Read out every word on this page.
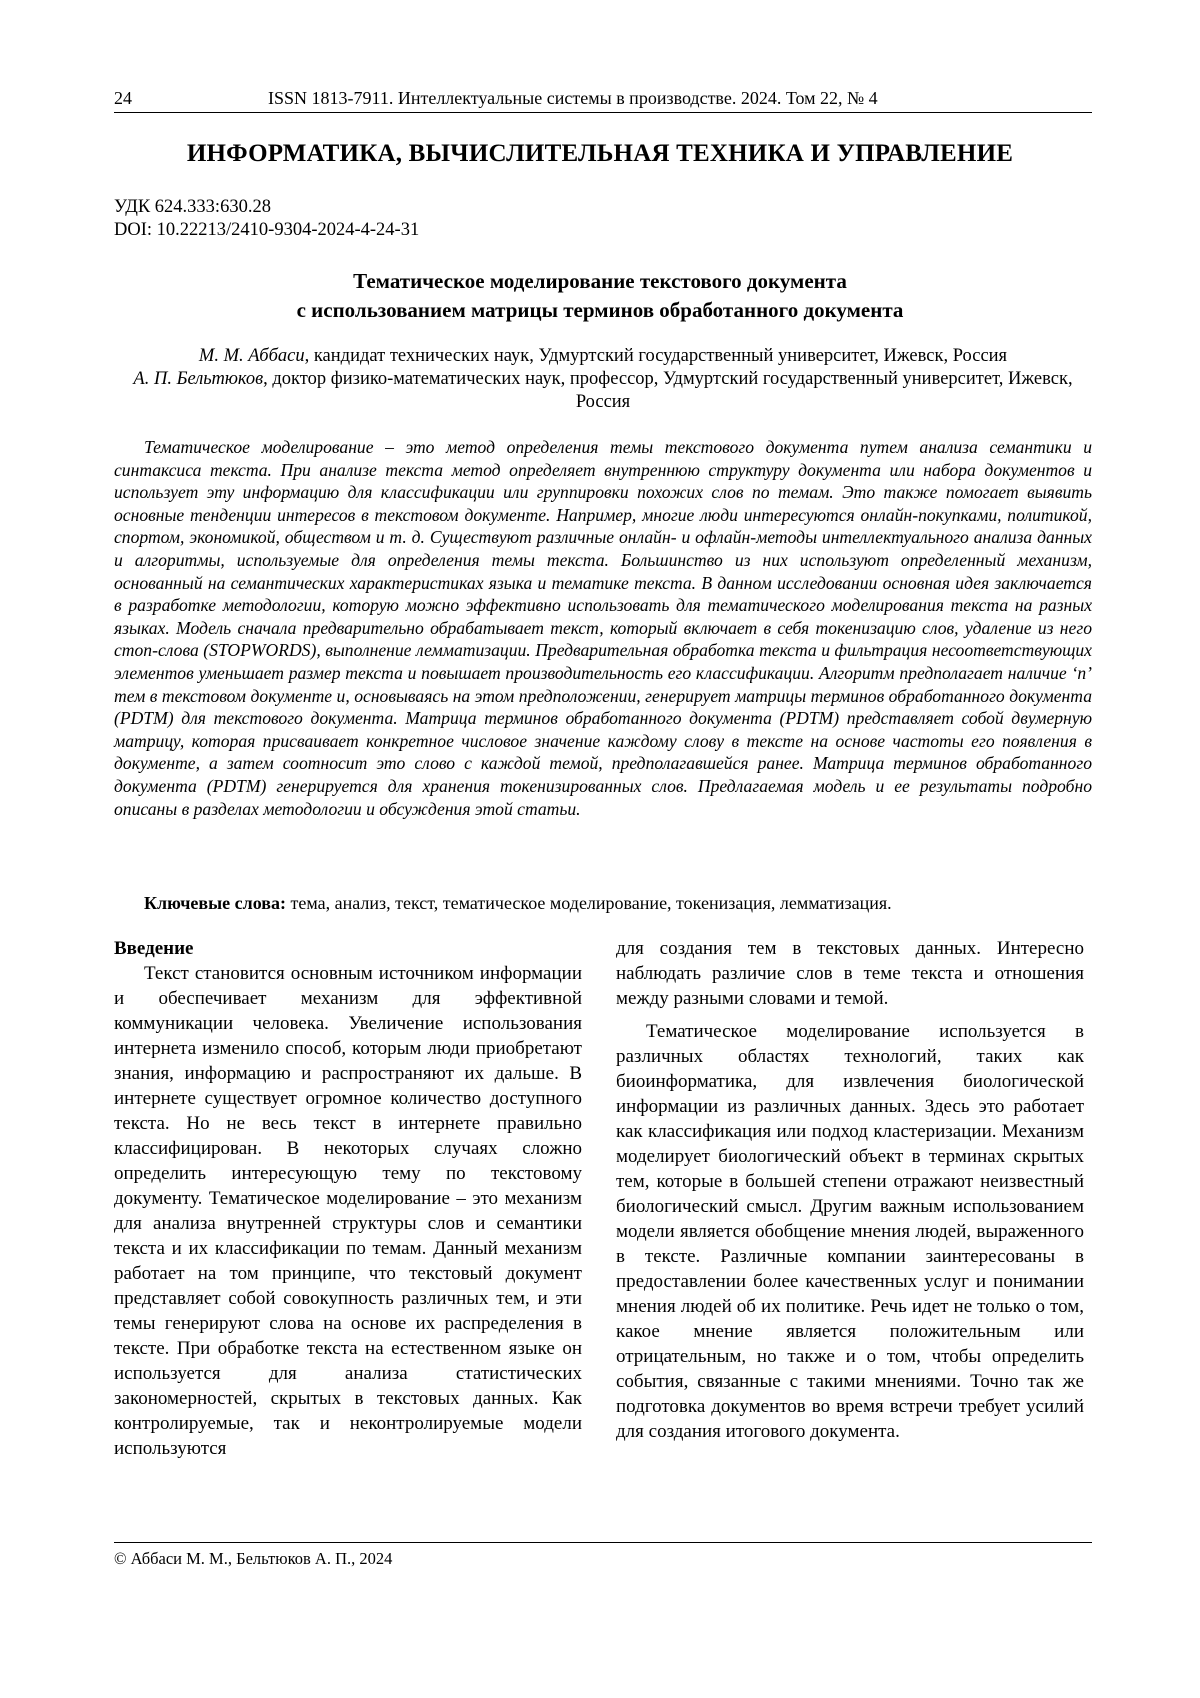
24	ISSN 1813-7911. Интеллектуальные системы в производстве. 2024. Том 22, № 4
ИНФОРМАТИКА, ВЫЧИСЛИТЕЛЬНАЯ ТЕХНИКА И УПРАВЛЕНИЕ
УДК 624.333:630.28
DOI: 10.22213/2410-9304-2024-4-24-31
Тематическое моделирование текстового документа
с использованием матрицы терминов обработанного документа
М. М. Аббаси, кандидат технических наук, Удмуртский государственный университет, Ижевск, Россия
А. П. Бельтюков, доктор физико-математических наук, профессор, Удмуртский государственный университет, Ижевск, Россия
Тематическое моделирование – это метод определения темы текстового документа путем анализа семантики и синтаксиса текста. При анализе текста метод определяет внутреннюю структуру документа или набора документов и использует эту информацию для классификации или группировки похожих слов по темам. Это также помогает выявить основные тенденции интересов в текстовом документе. Например, многие люди интересуются онлайн-покупками, политикой, спортом, экономикой, обществом и т. д. Существуют различные онлайн- и офлайн-методы интеллектуального анализа данных и алгоритмы, используемые для определения темы текста. Большинство из них используют определенный механизм, основанный на семантических характеристиках языка и тематике текста. В данном исследовании основная идея заключается в разработке методологии, которую можно эффективно использовать для тематического моделирования текста на разных языках. Модель сначала предварительно обрабатывает текст, который включает в себя токенизацию слов, удаление из него стоп-слова (STOPWORDS), выполнение лемматизации. Предварительная обработка текста и фильтрация несоответствующих элементов уменьшает размер текста и повышает производительность его классификации. Алгоритм предполагает наличие ‘n’ тем в текстовом документе и, основываясь на этом предположении, генерирует матрицы терминов обработанного документа (PDTM) для текстового документа. Матрица терминов обработанного документа (PDTM) представляет собой двумерную матрицу, которая присваивает конкретное числовое значение каждому слову в тексте на основе частоты его появления в документе, а затем соотносит это слово с каждой темой, предполагавшейся ранее. Матрица терминов обработанного документа (PDTM) генерируется для хранения токенизированных слов. Предлагаемая модель и ее результаты подробно описаны в разделах методологии и обсуждения этой статьи.
Ключевые слова: тема, анализ, текст, тематическое моделирование, токенизация, лемматизация.

Введение

Текст становится основным источником информации и обеспечивает механизм для эффективной коммуникации человека. Увеличение использования интернета изменило способ, которым люди приобретают знания, информацию и распространяют их дальше. В интернете существует огромное количество доступного текста. Но не весь текст в интернете правильно классифицирован. В некоторых случаях сложно определить интересующую тему по текстовому документу. Тематическое моделирование – это механизм для анализа внутренней структуры слов и семантики текста и их классификации по темам. Данный механизм работает на том принципе, что текстовый документ представляет собой совокупность различных тем, и эти темы генерируют слова на основе их распределения в тексте. При обработке текста на естественном языке он используется для анализа статистических закономерностей, скрытых в текстовых данных. Как контролируемые, так и неконтролируемые модели используются

для создания тем в текстовых данных. Интересно наблюдать различие слов в теме текста и отношения между разными словами и темой.

Тематическое моделирование используется в различных областях технологий, таких как биоинформатика, для извлечения биологической информации из различных данных. Здесь это работает как классификация или подход кластеризации. Механизм моделирует биологический объект в терминах скрытых тем, которые в большей степени отражают неизвестный биологический смысл. Другим важным использованием модели является обобщение мнения людей, выраженного в тексте. Различные компании заинтересованы в предоставлении более качественных услуг и понимании мнения людей об их политике. Речь идет не только о том, какое мнение является положительным или отрицательным, но также и о том, чтобы определить события, связанные с такими мнениями. Точно так же подготовка документов во время встречи требует усилий для создания итогового документа.

© Аббаси М. М., Бельтюков А. П., 2024
